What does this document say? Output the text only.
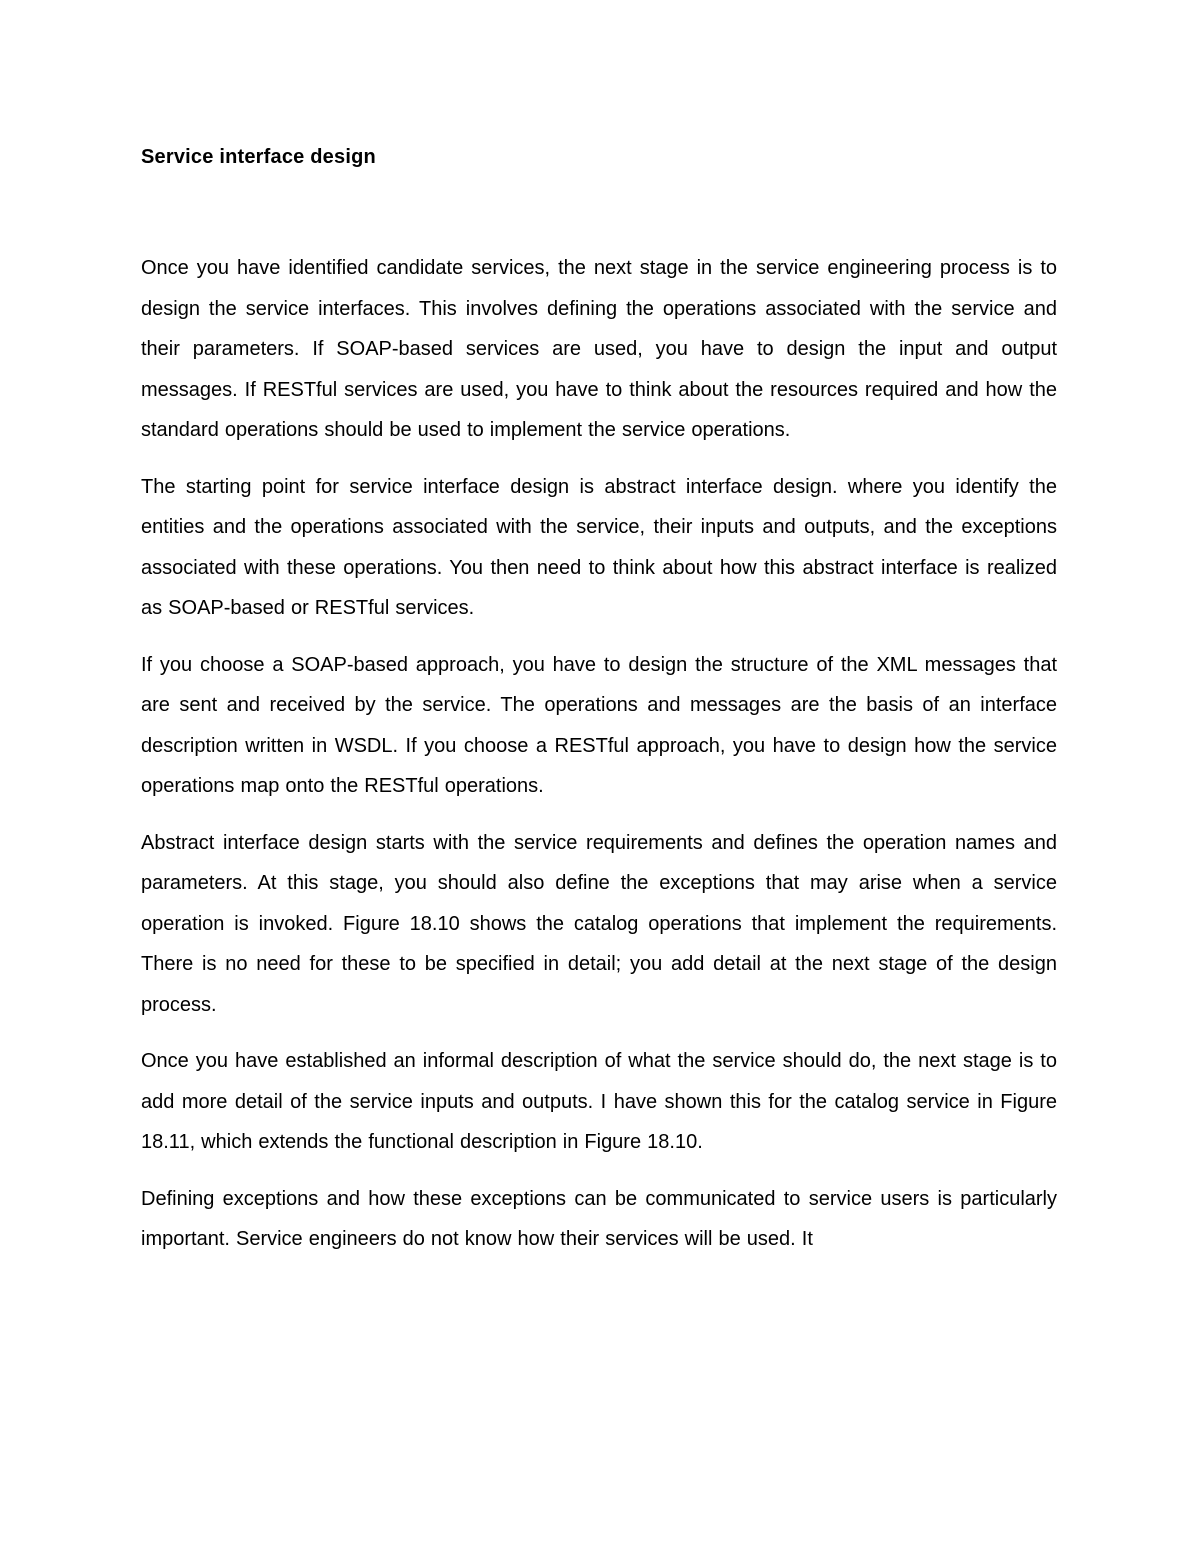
Service interface design

Once you have identified candidate services, the next stage in the service engineering process is to design the service interfaces. This involves defining the operations associated with the service and their parameters. If SOAP-based services are used, you have to design the input and output messages. If RESTful services are used, you have to think about the resources required and how the standard operations should be used to implement the service operations.

The starting point for service interface design is abstract interface design. where you identify the entities and the operations associated with the service, their inputs and outputs, and the exceptions associated with these operations. You then need to think about how this abstract interface is realized as SOAP-based or RESTful services.

If you choose a SOAP-based approach, you have to design the structure of the XML messages that are sent and received by the service. The operations and messages are the basis of an interface description written in WSDL. If you choose a RESTful approach, you have to design how the service operations map onto the RESTful operations.

Abstract interface design starts with the service requirements and defines the operation names and parameters. At this stage, you should also define the exceptions that may arise when a service operation is invoked. Figure 18.10 shows the catalog operations that implement the requirements. There is no need for these to be specified in detail; you add detail at the next stage of the design process.

Once you have established an informal description of what the service should do, the next stage is to add more detail of the service inputs and outputs. I have shown this for the catalog service in Figure 18.11, which extends the functional description in Figure 18.10.

Defining exceptions and how these exceptions can be communicated to service users is particularly important. Service engineers do not know how their services will be used. It
